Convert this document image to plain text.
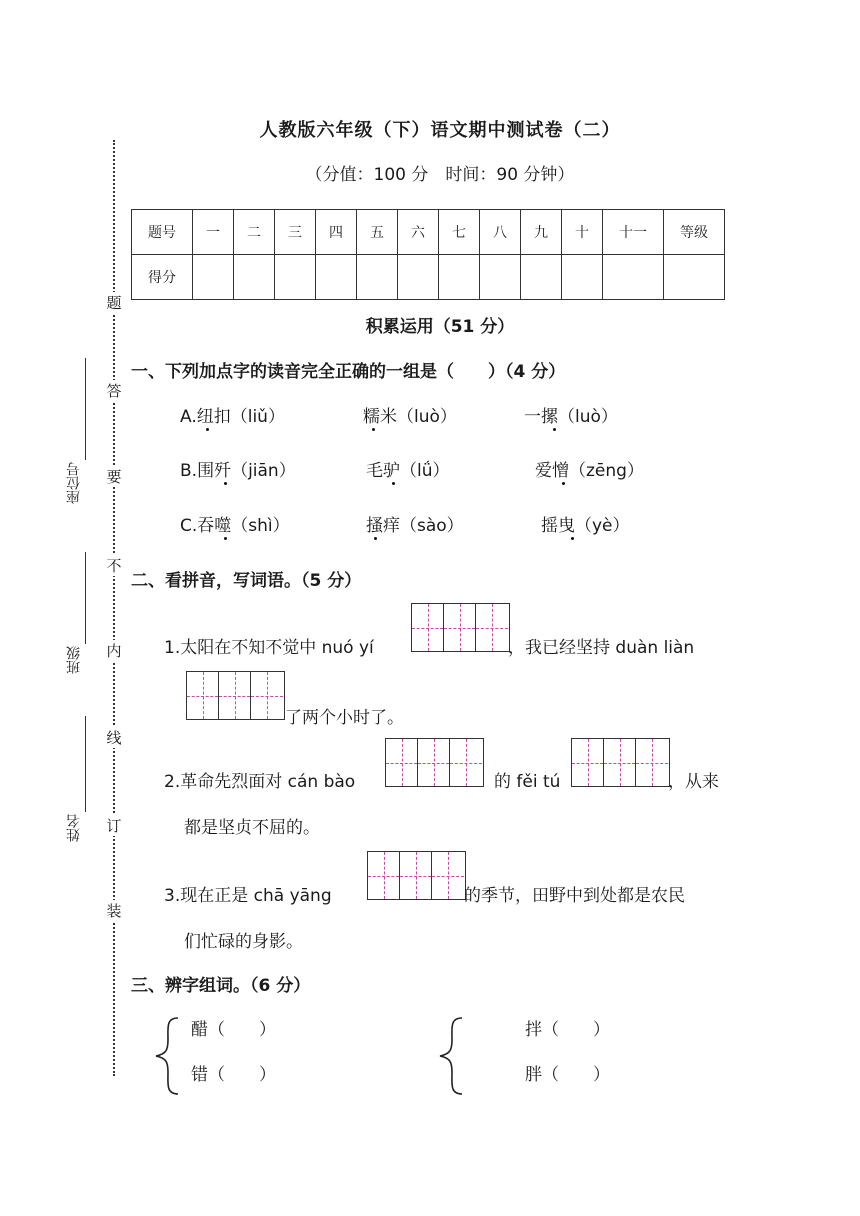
题
答
要
不
内
线
订
装
座位号
班级
姓名
人教版六年级（下）语文期中测试卷（二）
（分值：100 分　时间：90 分钟）
题号	一	二	三	四	五	六	七	八	九	十	十一	等级
得分												
积累运用（51 分）
一、下列加点字的读音完全正确的一组是（　　）（4 分）
A.纽扣（liǔ）	糯米（luò）	一摞（luò）
B.围歼（jiān）	毛驴（lǘ）	爱憎（zēng）
C.吞噬（shì）	搔痒（sào）	摇曳（yè）
二、看拼音，写词语。（5 分）
1.太阳在不知不觉中 nuó yí	，我已经坚持 duàn liàn
了两个小时了。
2.革命先烈面对 cán bào	的 fěi tú	，从来
都是坚贞不屈的。
3.现在正是 chā yāng	的季节，田野中到处都是农民
们忙碌的身影。
三、辨字组词。（6 分）
醋（　　）
错（　　）
拌（　　）
胖（　　）
